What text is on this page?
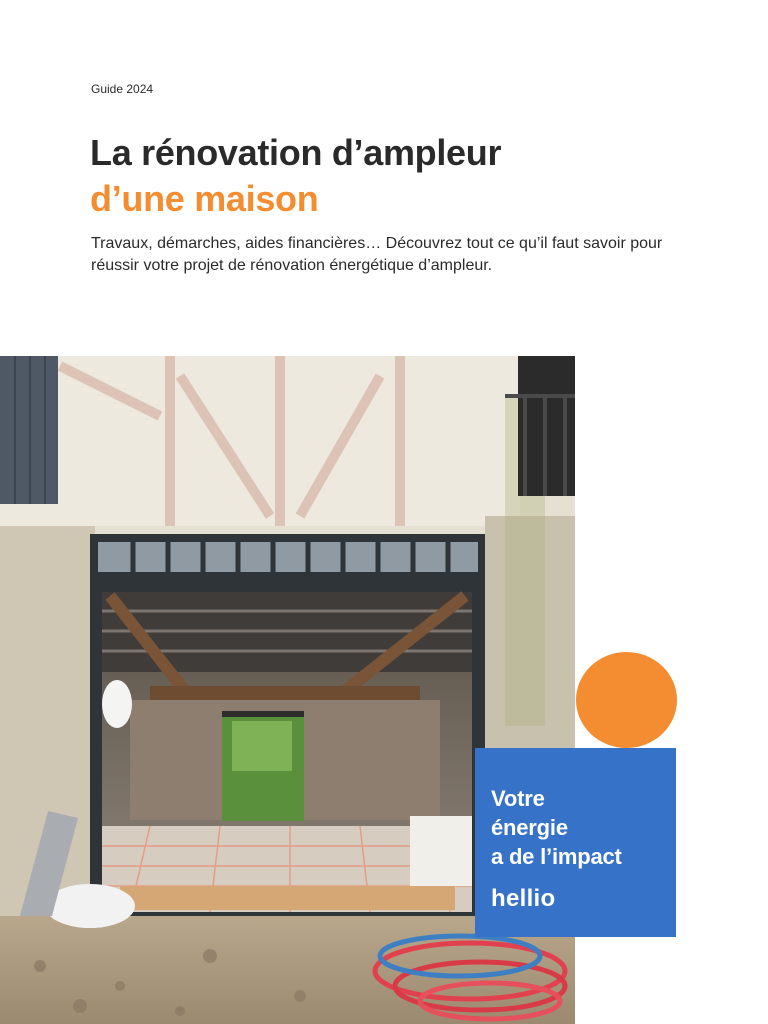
Guide 2024

La rénovation d’ampleur
d’une maison

Travaux, démarches, aides financières… Découvrez tout ce qu’il faut savoir pour réussir votre projet de rénovation énergétique d’ampleur.

Votre
énergie
a de l’impact

hellio
